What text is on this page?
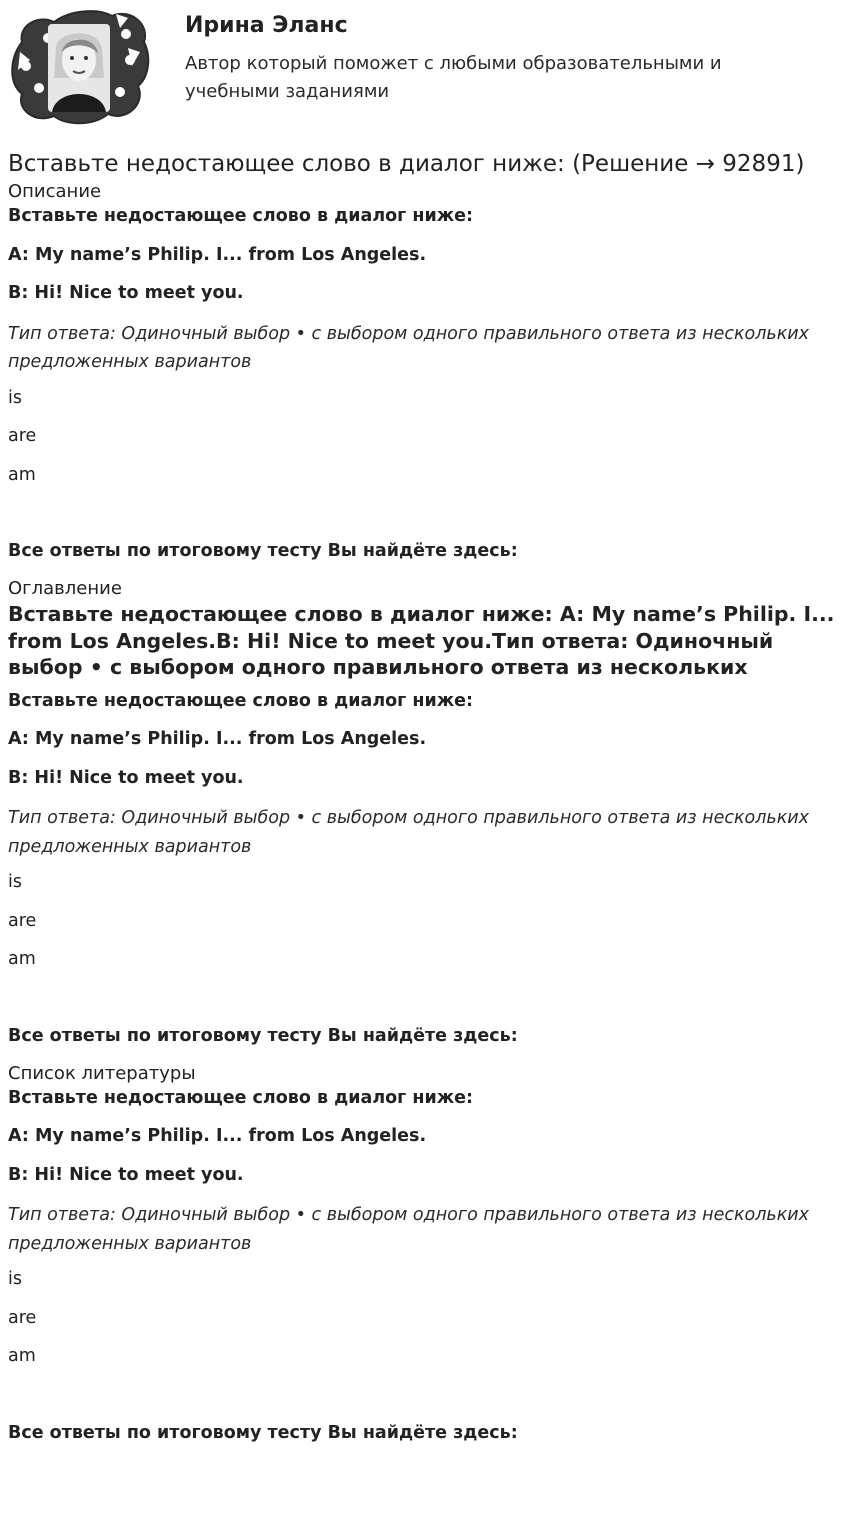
Ирина Эланс
Автор который поможет с любыми образовательными и учебными заданиями
Вставьте недостающее слово в диалог ниже: (Решение → 92891)
Описание

Вставьте недостающее слово в диалог ниже:

A: My name’s Philip. I... from Los Angeles.

B: Hi! Nice to meet you.

Тип ответа: Одиночный выбор • с выбором одного правильного ответа из нескольких предложенных вариантов

is

are

am

Все ответы по итоговому тесту Вы найдёте здесь:

Оглавление
Вставьте недостающее слово в диалог ниже: A: My name’s Philip. I... from Los Angeles.B: Hi! Nice to meet you.Тип ответа: Одиночный выбор • с выбором одного правильного ответа из нескольких

Вставьте недостающее слово в диалог ниже:

A: My name’s Philip. I... from Los Angeles.

B: Hi! Nice to meet you.

Тип ответа: Одиночный выбор • с выбором одного правильного ответа из нескольких предложенных вариантов

is

are

am

Все ответы по итоговому тесту Вы найдёте здесь:

Список литературы

Вставьте недостающее слово в диалог ниже:

A: My name’s Philip. I... from Los Angeles.

B: Hi! Nice to meet you.

Тип ответа: Одиночный выбор • с выбором одного правильного ответа из нескольких предложенных вариантов

is

are

am

Все ответы по итоговому тесту Вы найдёте здесь:
